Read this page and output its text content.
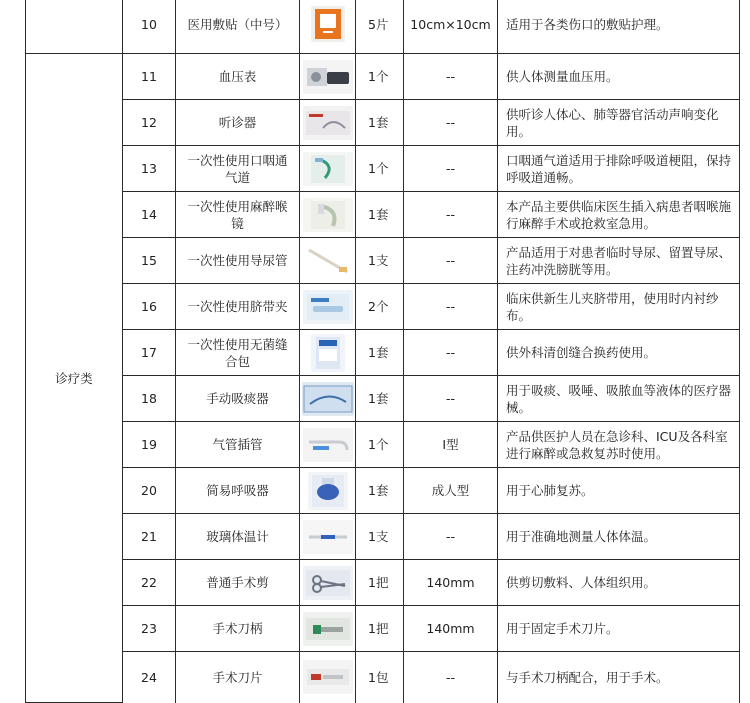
	10	医用敷贴（中号）		5片	10cm×10cm	适用于各类伤口的敷贴护理。
诊疗类	11	血压表		1个	--	供人体测量血压用。
	12	听诊器		1套	--	供听诊人体心、肺等器官活动声响变化用。
	13	一次性使用口咽通气道		1个	--	口咽通气道适用于排除呼吸道梗阻，保持呼吸道通畅。
	14	一次性使用麻醉喉镜		1套	--	本产品主要供临床医生插入病患者咽喉施行麻醉手术或抢救室急用。
	15	一次性使用导尿管		1支	--	产品适用于对患者临时导尿、留置导尿、注药冲洗膀胱等用。
	16	一次性使用脐带夹		2个	--	临床供新生儿夹脐带用，使用时内衬纱布。
	17	一次性使用无菌缝合包		1套	--	供外科清创缝合换药使用。
	18	手动吸痰器		1套	--	用于吸痰、吸唾、吸脓血等液体的医疗器械。
	19	气管插管		1个	Ⅰ型	产品供医护人员在急诊科、ICU及各科室进行麻醉或急救复苏时使用。
	20	简易呼吸器		1套	成人型	用于心肺复苏。
	21	玻璃体温计		1支	--	用于准确地测量人体体温。
	22	普通手术剪		1把	140mm	供剪切敷料、人体组织用。
	23	手术刀柄		1把	140mm	用于固定手术刀片。
	24	手术刀片		1包	--	与手术刀柄配合，用于手术。
